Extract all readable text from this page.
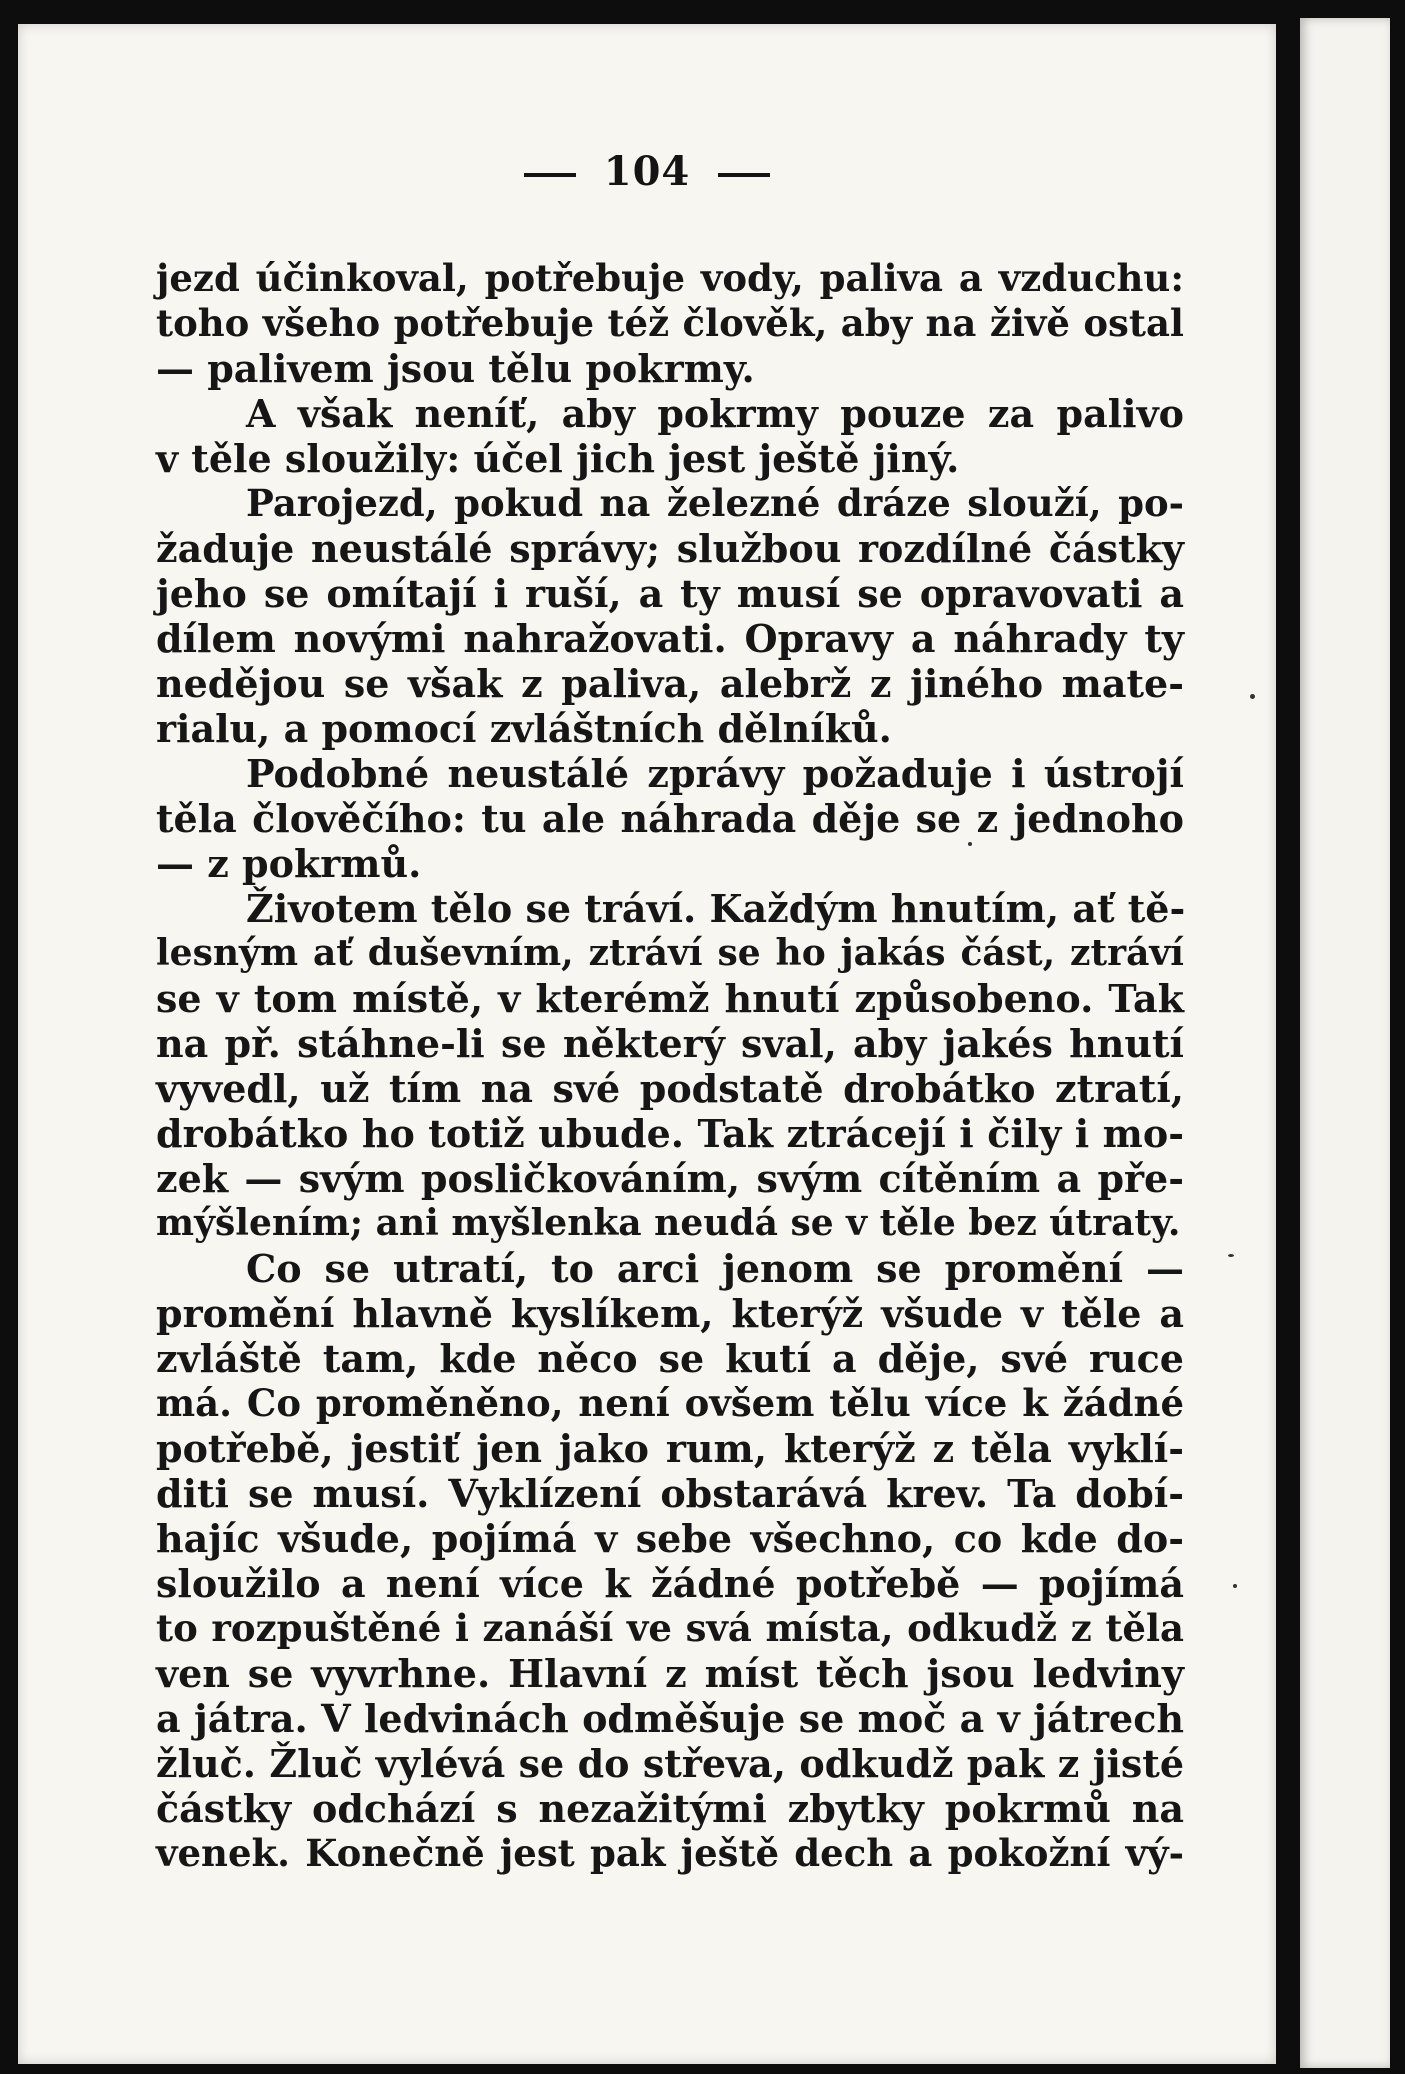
104
jezd účinkoval, potřebuje vody, paliva a vzduchu:
toho všeho potřebuje též člověk, aby na živě ostal
— palivem jsou tělu pokrmy.
A však neníť, aby pokrmy pouze za palivo
v těle sloužily: účel jich jest ještě jiný.
Parojezd, pokud na železné dráze slouží, po-
žaduje neustálé správy; službou rozdílné částky
jeho se omítají i ruší, a ty musí se opravovati a
dílem novými nahražovati. Opravy a náhrady ty
nedějou se však z paliva, alebrž z jiného mate-
rialu, a pomocí zvláštních dělníků.
Podobné neustálé zprávy požaduje i ústrojí
těla člověčího: tu ale náhrada děje se z jednoho
— z pokrmů.
Životem tělo se tráví. Každým hnutím, ať tě-
lesným ať duševním, ztráví se ho jakás část, ztráví
se v tom místě, v kterémž hnutí způsobeno. Tak
na př. stáhne-li se některý sval, aby jakés hnutí
vyvedl, už tím na své podstatě drobátko ztratí,
drobátko ho totiž ubude. Tak ztrácejí i čily i mo-
zek — svým posličkováním, svým cítěním a pře-
mýšlením; ani myšlenka neudá se v těle bez útraty.
Co se utratí, to arci jenom se promění —
promění hlavně kyslíkem, kterýž všude v těle a
zvláště tam, kde něco se kutí a děje, své ruce
má. Co proměněno, není ovšem tělu více k žádné
potřebě, jestiť jen jako rum, kterýž z těla vyklí-
diti se musí. Vyklízení obstarává krev. Ta dobí-
hajíc všude, pojímá v sebe všechno, co kde do-
sloužilo a není více k žádné potřebě — pojímá
to rozpuštěné i zanáší ve svá místa, odkudž z těla
ven se vyvrhne. Hlavní z míst těch jsou ledviny
a játra. V ledvinách odměšuje se moč a v játrech
žluč. Žluč vylévá se do střeva, odkudž pak z jisté
částky odchází s nezažitými zbytky pokrmů na
venek. Konečně jest pak ještě dech a pokožní vý-
